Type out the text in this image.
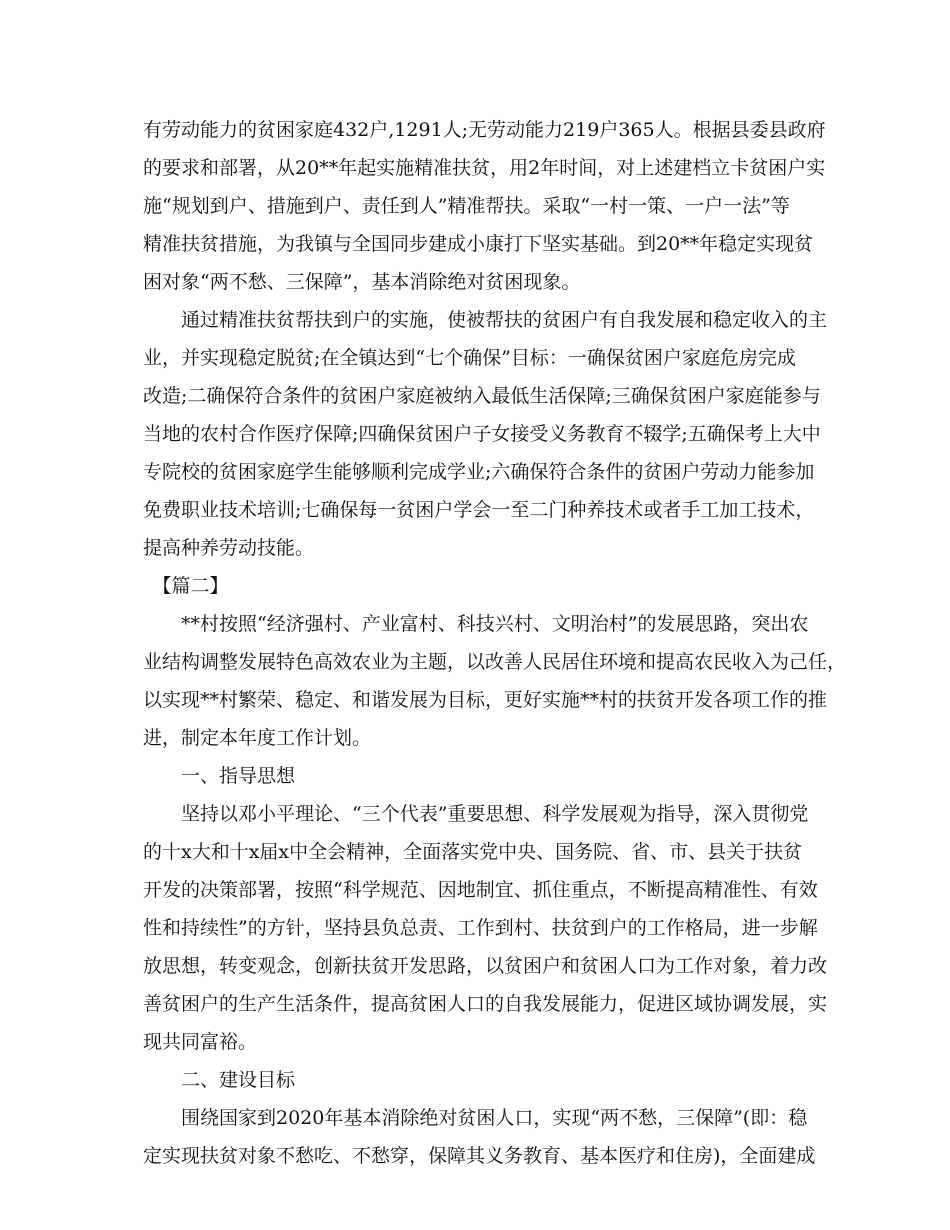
有劳动能力的贫困家庭432户,1291人;无劳动能力219户365人。根据县委县政府
的要求和部署，从20**年起实施精准扶贫，用2年时间，对上述建档立卡贫困户实
施“规划到户、措施到户、责任到人”精准帮扶。采取“一村一策、一户一法”等
精准扶贫措施，为我镇与全国同步建成小康打下坚实基础。到20**年稳定实现贫
困对象“两不愁、三保障”，基本消除绝对贫困现象。
　　通过精准扶贫帮扶到户的实施，使被帮扶的贫困户有自我发展和稳定收入的主
业，并实现稳定脱贫;在全镇达到“七个确保”目标：一确保贫困户家庭危房完成
改造;二确保符合条件的贫困户家庭被纳入最低生活保障;三确保贫困户家庭能参与
当地的农村合作医疗保障;四确保贫困户子女接受义务教育不辍学;五确保考上大中
专院校的贫困家庭学生能够顺利完成学业;六确保符合条件的贫困户劳动力能参加
免费职业技术培训;七确保每一贫困户学会一至二门种养技术或者手工加工技术，
提高种养劳动技能。
　【篇二】
　　**村按照“经济强村、产业富村、科技兴村、文明治村”的发展思路，突出农
业结构调整发展特色高效农业为主题，以改善人民居住环境和提高农民收入为己任，
以实现**村繁荣、稳定、和谐发展为目标，更好实施**村的扶贫开发各项工作的推
进，制定本年度工作计划。
　　一、指导思想
　　坚持以邓小平理论、“三个代表”重要思想、科学发展观为指导，深入贯彻党
的十x大和十x届x中全会精神，全面落实党中央、国务院、省、市、县关于扶贫
开发的决策部署，按照“科学规范、因地制宜、抓住重点，不断提高精准性、有效
性和持续性”的方针，坚持县负总责、工作到村、扶贫到户的工作格局，进一步解
放思想，转变观念，创新扶贫开发思路，以贫困户和贫困人口为工作对象，着力改
善贫困户的生产生活条件，提高贫困人口的自我发展能力，促进区域协调发展，实
现共同富裕。
　　二、建设目标
　　围绕国家到2020年基本消除绝对贫困人口，实现“两不愁，三保障”(即：稳
定实现扶贫对象不愁吃、不愁穿，保障其义务教育、基本医疗和住房)，全面建成
